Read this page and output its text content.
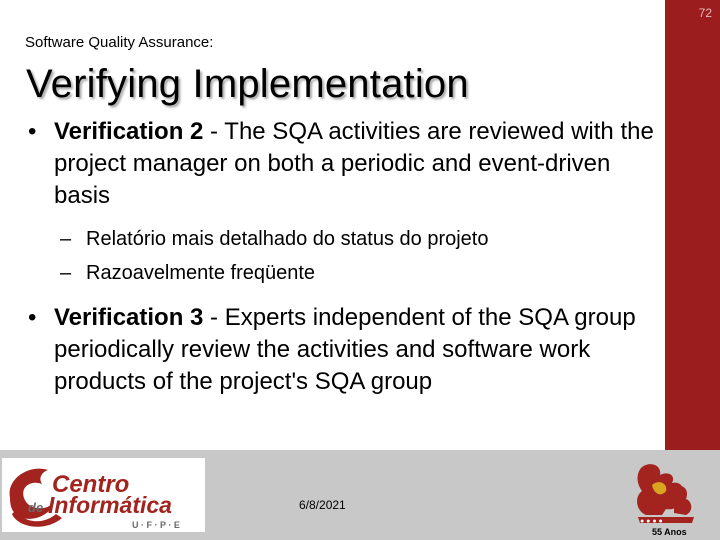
72
Software Quality Assurance:
Verifying Implementation
• Verification 2 - The SQA activities are reviewed with the project manager on both a periodic and event-driven basis
– Relatório mais detalhado do status do projeto
– Razoavelmente freqüente
• Verification 3 - Experts independent of the SQA group periodically review the activities and software work products of the project's SQA group
Centro
de Informática
U · F · P · E
6/8/2021
● ● ● ●
55 Anos
